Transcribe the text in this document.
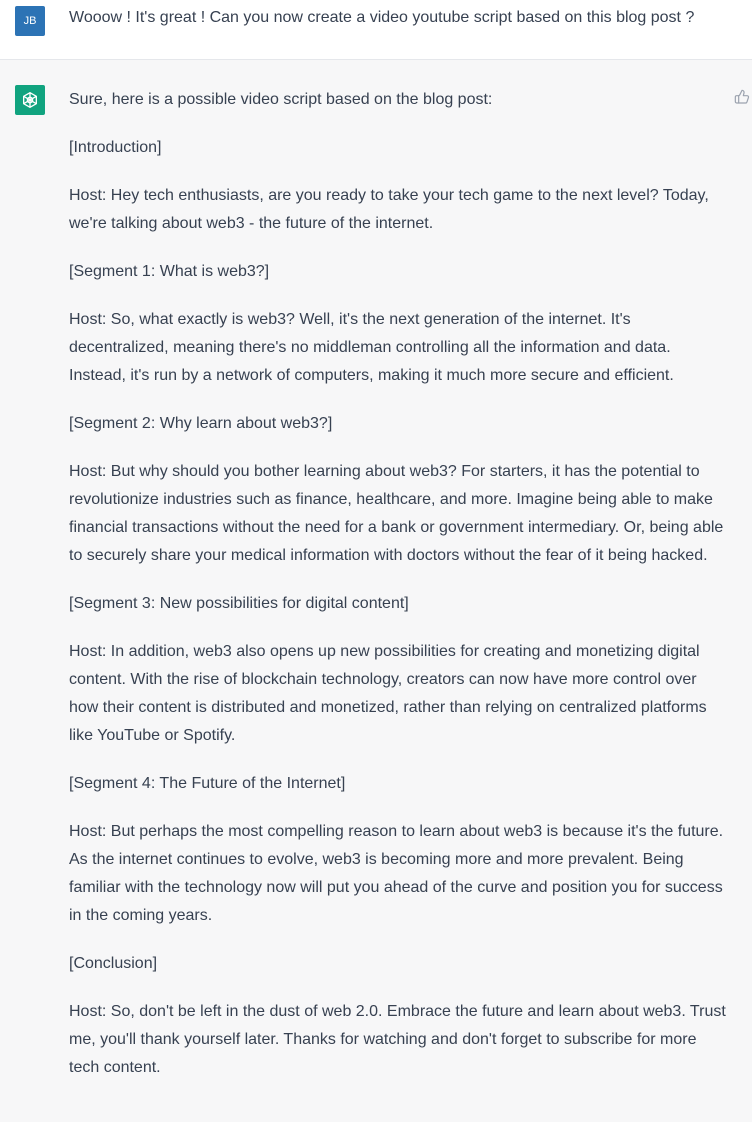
JB	Wooow ! It's great ! Can you now create a video youtube script based on this blog post ?

Sure, here is a possible video script based on the blog post:

[Introduction]

Host: Hey tech enthusiasts, are you ready to take your tech game to the next level? Today, we're talking about web3 - the future of the internet.

[Segment 1: What is web3?]

Host: So, what exactly is web3? Well, it's the next generation of the internet. It's decentralized, meaning there's no middleman controlling all the information and data. Instead, it's run by a network of computers, making it much more secure and efficient.

[Segment 2: Why learn about web3?]

Host: But why should you bother learning about web3? For starters, it has the potential to revolutionize industries such as finance, healthcare, and more. Imagine being able to make financial transactions without the need for a bank or government intermediary. Or, being able to securely share your medical information with doctors without the fear of it being hacked.

[Segment 3: New possibilities for digital content]

Host: In addition, web3 also opens up new possibilities for creating and monetizing digital content. With the rise of blockchain technology, creators can now have more control over how their content is distributed and monetized, rather than relying on centralized platforms like YouTube or Spotify.

[Segment 4: The Future of the Internet]

Host: But perhaps the most compelling reason to learn about web3 is because it's the future. As the internet continues to evolve, web3 is becoming more and more prevalent. Being familiar with the technology now will put you ahead of the curve and position you for success in the coming years.

[Conclusion]

Host: So, don't be left in the dust of web 2.0. Embrace the future and learn about web3. Trust me, you'll thank yourself later. Thanks for watching and don't forget to subscribe for more tech content.
